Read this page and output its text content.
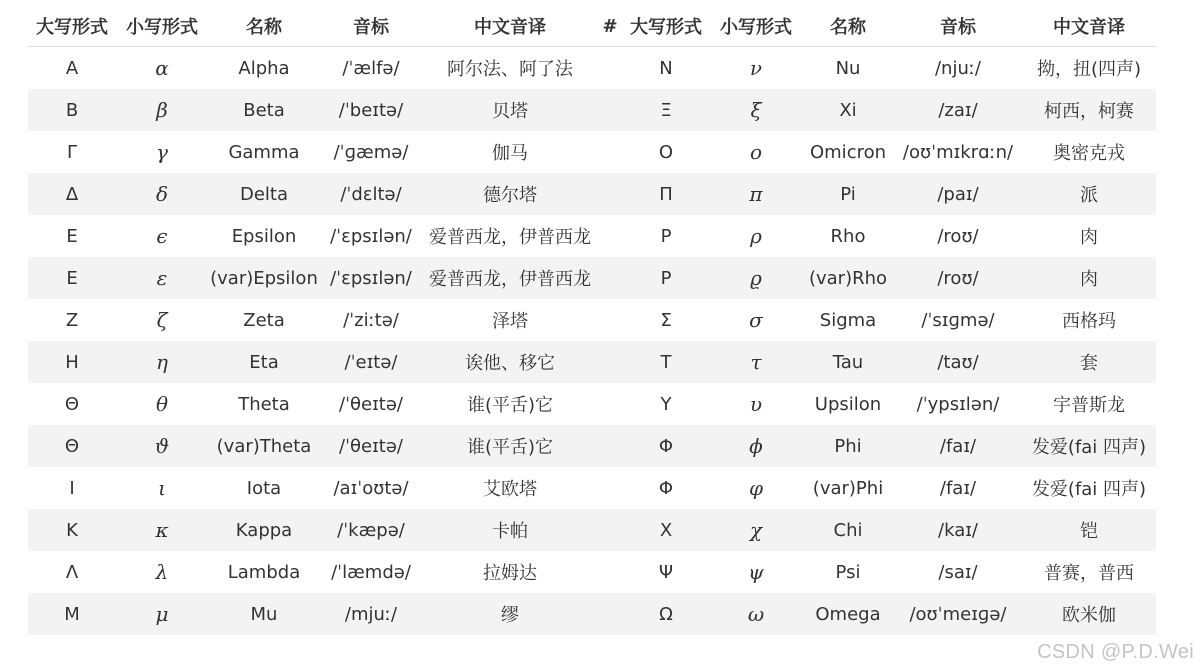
大写形式	小写形式	名称	音标	中文音译	#	大写形式	小写形式	名称	音标	中文音译
A	α	Alpha	/ˈælfə/	阿尔法、阿了法		N	ν	Nu	/njuː/	拗，扭(四声)
B	β	Beta	/ˈbeɪtə/	贝塔		Ξ	ξ	Xi	/zaɪ/	柯西，柯赛
Γ	γ	Gamma	/ˈɡæmə/	伽马		O	ο	Omicron	/oʊˈmɪkrɑːn/	奥密克戎
Δ	δ	Delta	/ˈdɛltə/	德尔塔		Π	π	Pi	/paɪ/	派
E	ϵ	Epsilon	/ˈɛpsɪlən/	爱普西龙，伊普西龙		P	ρ	Rho	/roʊ/	肉
E	ε	(var)Epsilon	/ˈɛpsɪlən/	爱普西龙，伊普西龙		P	ϱ	(var)Rho	/roʊ/	肉
Z	ζ	Zeta	/ˈziːtə/	泽塔		Σ	σ	Sigma	/ˈsɪɡmə/	西格玛
H	η	Eta	/ˈeɪtə/	诶他、移它		T	τ	Tau	/taʊ/	套
Θ	θ	Theta	/ˈθeɪtə/	谁(平舌)它		Y	υ	Upsilon	/ˈypsɪlən/	宇普斯龙
Θ	ϑ	(var)Theta	/ˈθeɪtə/	谁(平舌)它		Φ	ϕ	Phi	/faɪ/	发爱(fai 四声)
I	ι	Iota	/aɪˈoʊtə/	艾欧塔		Φ	φ	(var)Phi	/faɪ/	发爱(fai 四声)
K	κ	Kappa	/ˈkæpə/	卡帕		X	χ	Chi	/kaɪ/	铠
Λ	λ	Lambda	/ˈlæmdə/	拉姆达		Ψ	ψ	Psi	/saɪ/	普赛，普西
M	μ	Mu	/mjuː/	缪		Ω	ω	Omega	/oʊˈmeɪɡə/	欧米伽
CSDN @P.D.Wei
